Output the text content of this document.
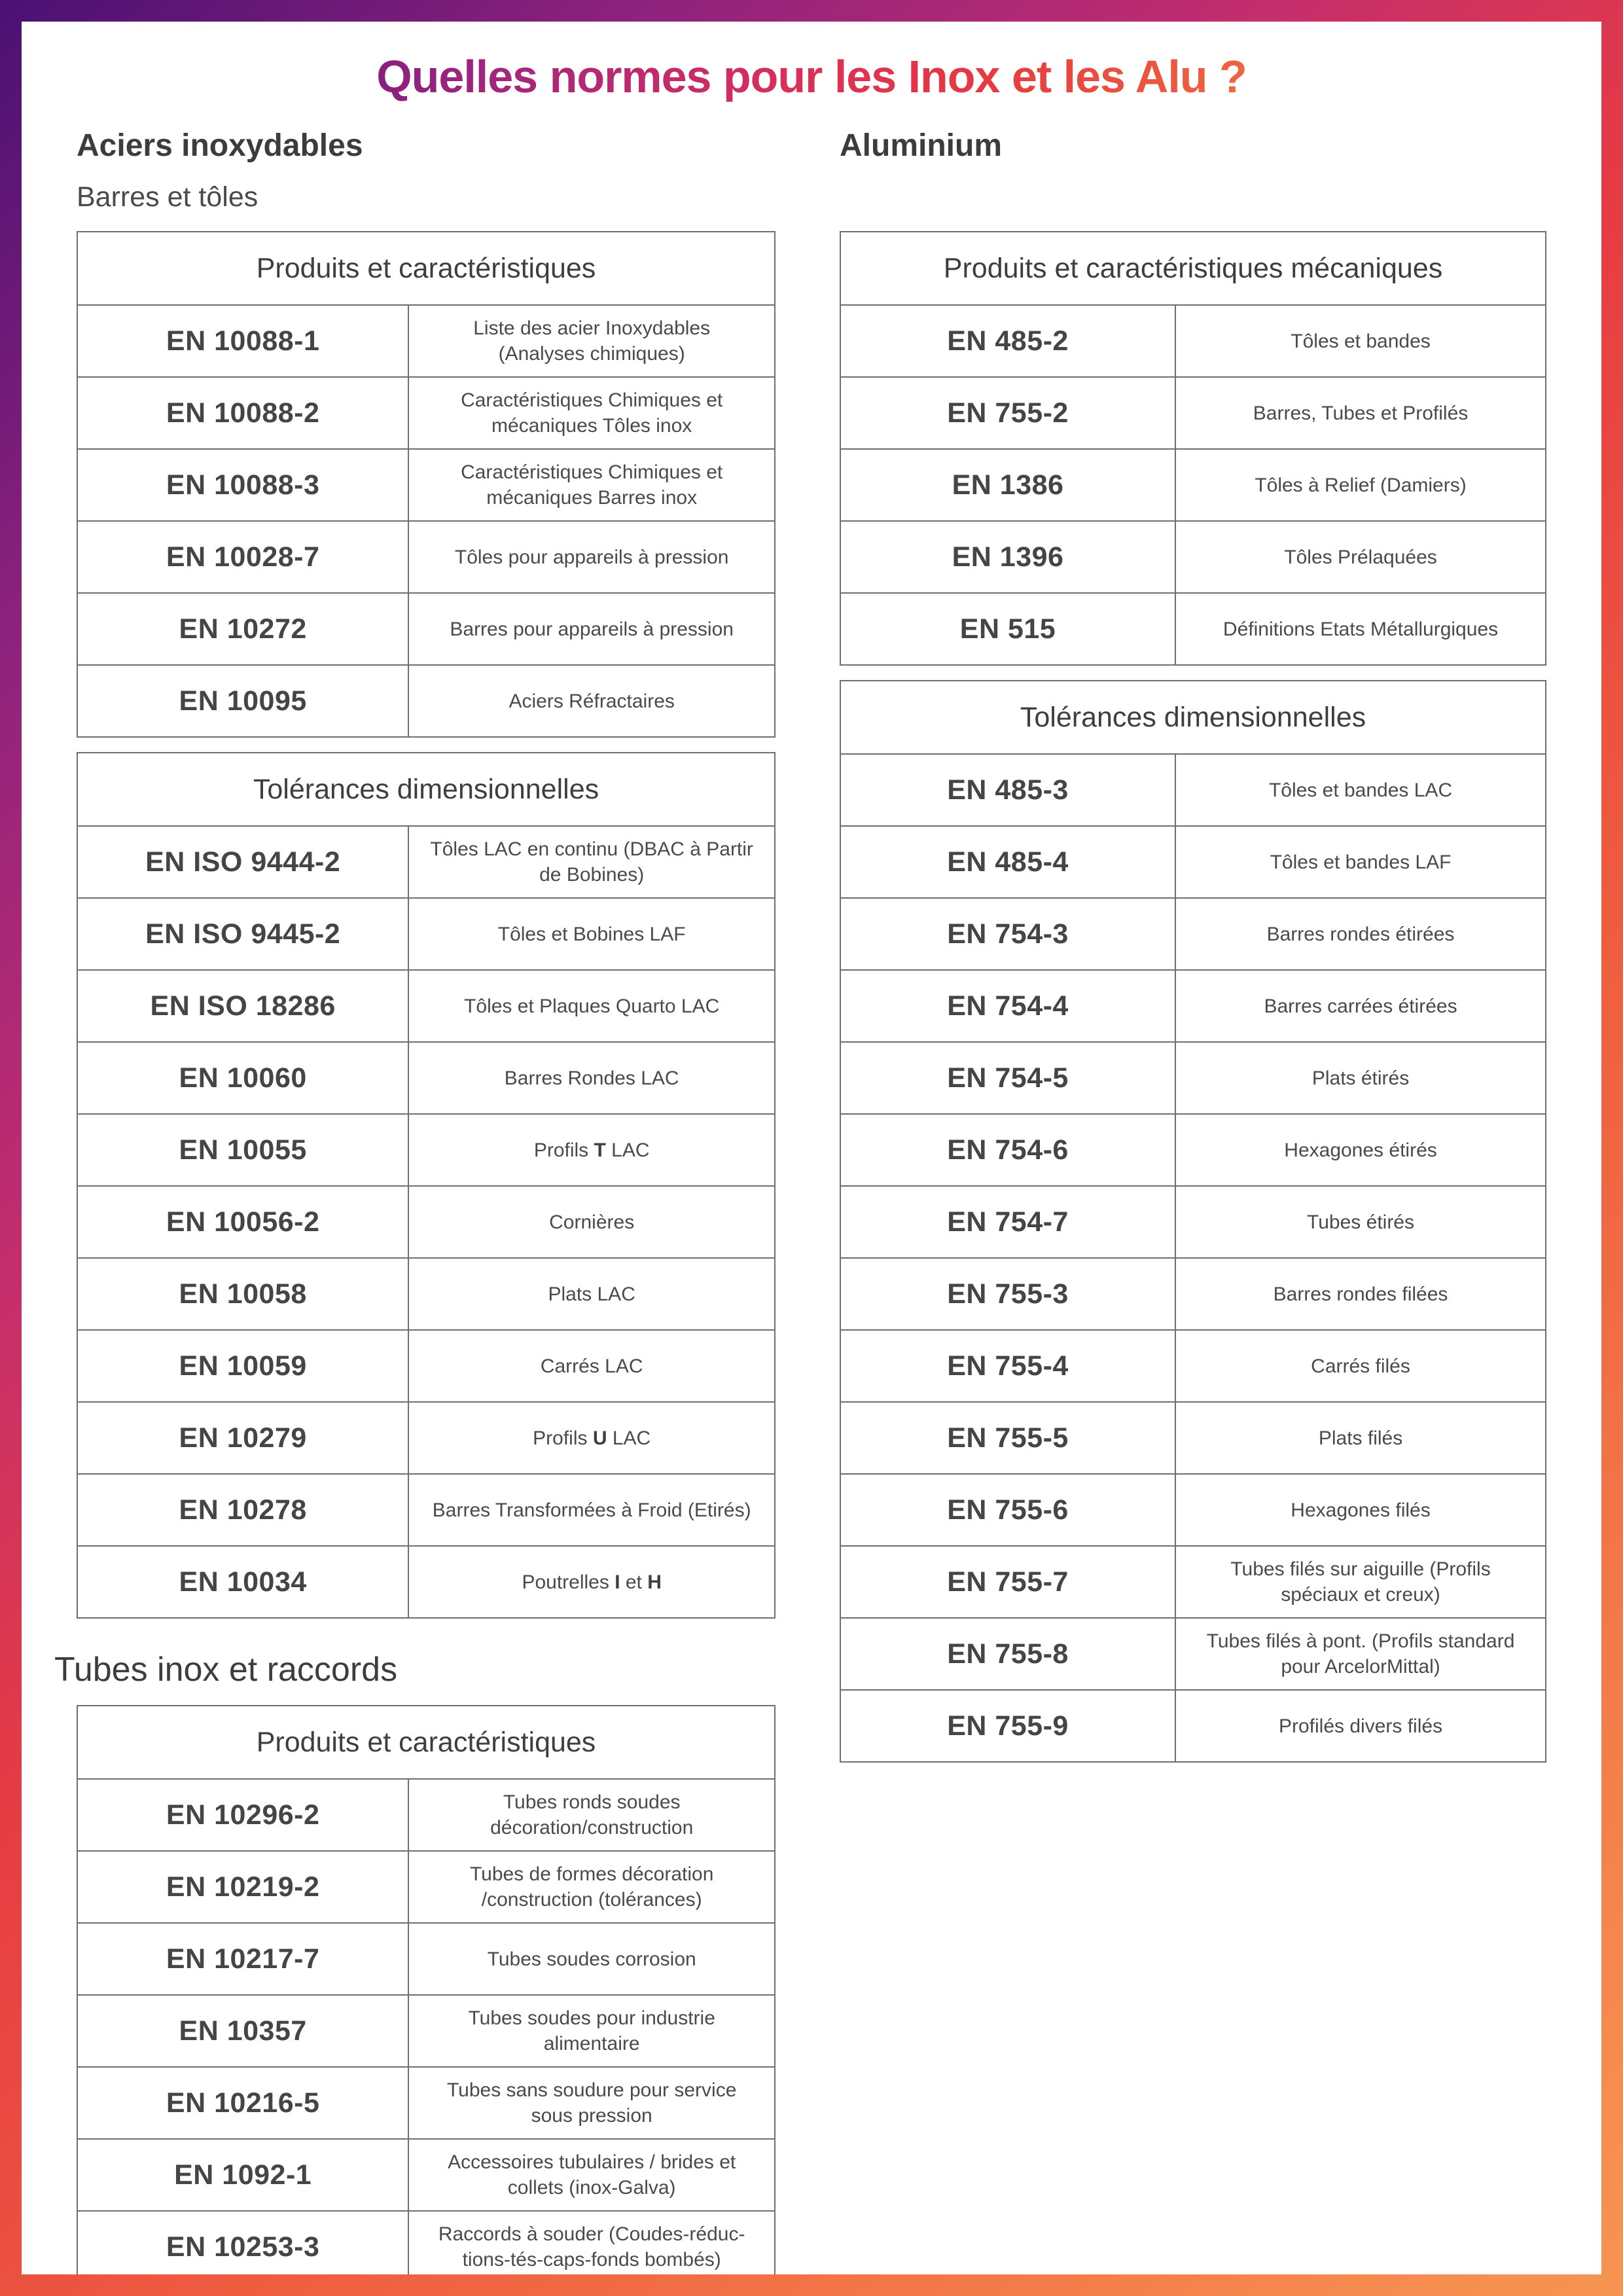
Quelles normes pour les Inox et les Alu ?
Aciers inoxydables
Barres et tôles
Produits et caractéristiques	
EN 10088-1	Liste des acier Inoxydables (Analyses chimiques)
EN 10088-2	Caractéristiques Chimiques et mécaniques Tôles inox
EN 10088-3	Caractéristiques Chimiques et mécaniques Barres inox
EN 10028-7	Tôles pour appareils à pression
EN 10272	Barres pour appareils à pression
EN 10095	Aciers Réfractaires
Tolérances dimensionnelles	
EN ISO 9444-2	Tôles LAC en continu (DBAC à Partir de Bobines)
EN ISO 9445-2	Tôles et Bobines LAF
EN ISO 18286	Tôles et Plaques Quarto LAC
EN 10060	Barres Rondes LAC
EN 10055	Profils T LAC
EN 10056-2	Cornières
EN 10058	Plats LAC
EN 10059	Carrés LAC
EN 10279	Profils U LAC
EN 10278	Barres Transformées à Froid (Etirés)
EN 10034	Poutrelles I et H
Tubes inox et raccords
Produits et caractéristiques	
EN 10296-2	Tubes ronds soudes décoration/construction
EN 10219-2	Tubes de formes décoration /construction (tolérances)
EN 10217-7	Tubes soudes corrosion
EN 10357	Tubes soudes pour industrie alimentaire
EN 10216-5	Tubes sans soudure pour service sous pression
EN 1092-1	Accessoires tubulaires / brides et collets (inox-Galva)
EN 10253-3	Raccords à souder (Coudes-réduc-tions-tés-caps-fonds bombés)
Aluminium
Produits et caractéristiques mécaniques	
EN 485-2	Tôles et bandes
EN 755-2	Barres, Tubes et Profilés
EN 1386	Tôles à Relief (Damiers)
EN 1396	Tôles Prélaquées
EN 515	Définitions Etats Métallurgiques
Tolérances dimensionnelles	
EN 485-3	Tôles et bandes LAC
EN 485-4	Tôles et bandes LAF
EN 754-3	Barres rondes étirées
EN 754-4	Barres carrées étirées
EN 754-5	Plats étirés
EN 754-6	Hexagones étirés
EN 754-7	Tubes étirés
EN 755-3	Barres rondes filées
EN 755-4	Carrés filés
EN 755-5	Plats filés
EN 755-6	Hexagones filés
EN 755-7	Tubes filés sur aiguille (Profils spéciaux et creux)
EN 755-8	Tubes filés à pont. (Profils standard pour ArcelorMittal)
EN 755-9	Profilés divers filés
